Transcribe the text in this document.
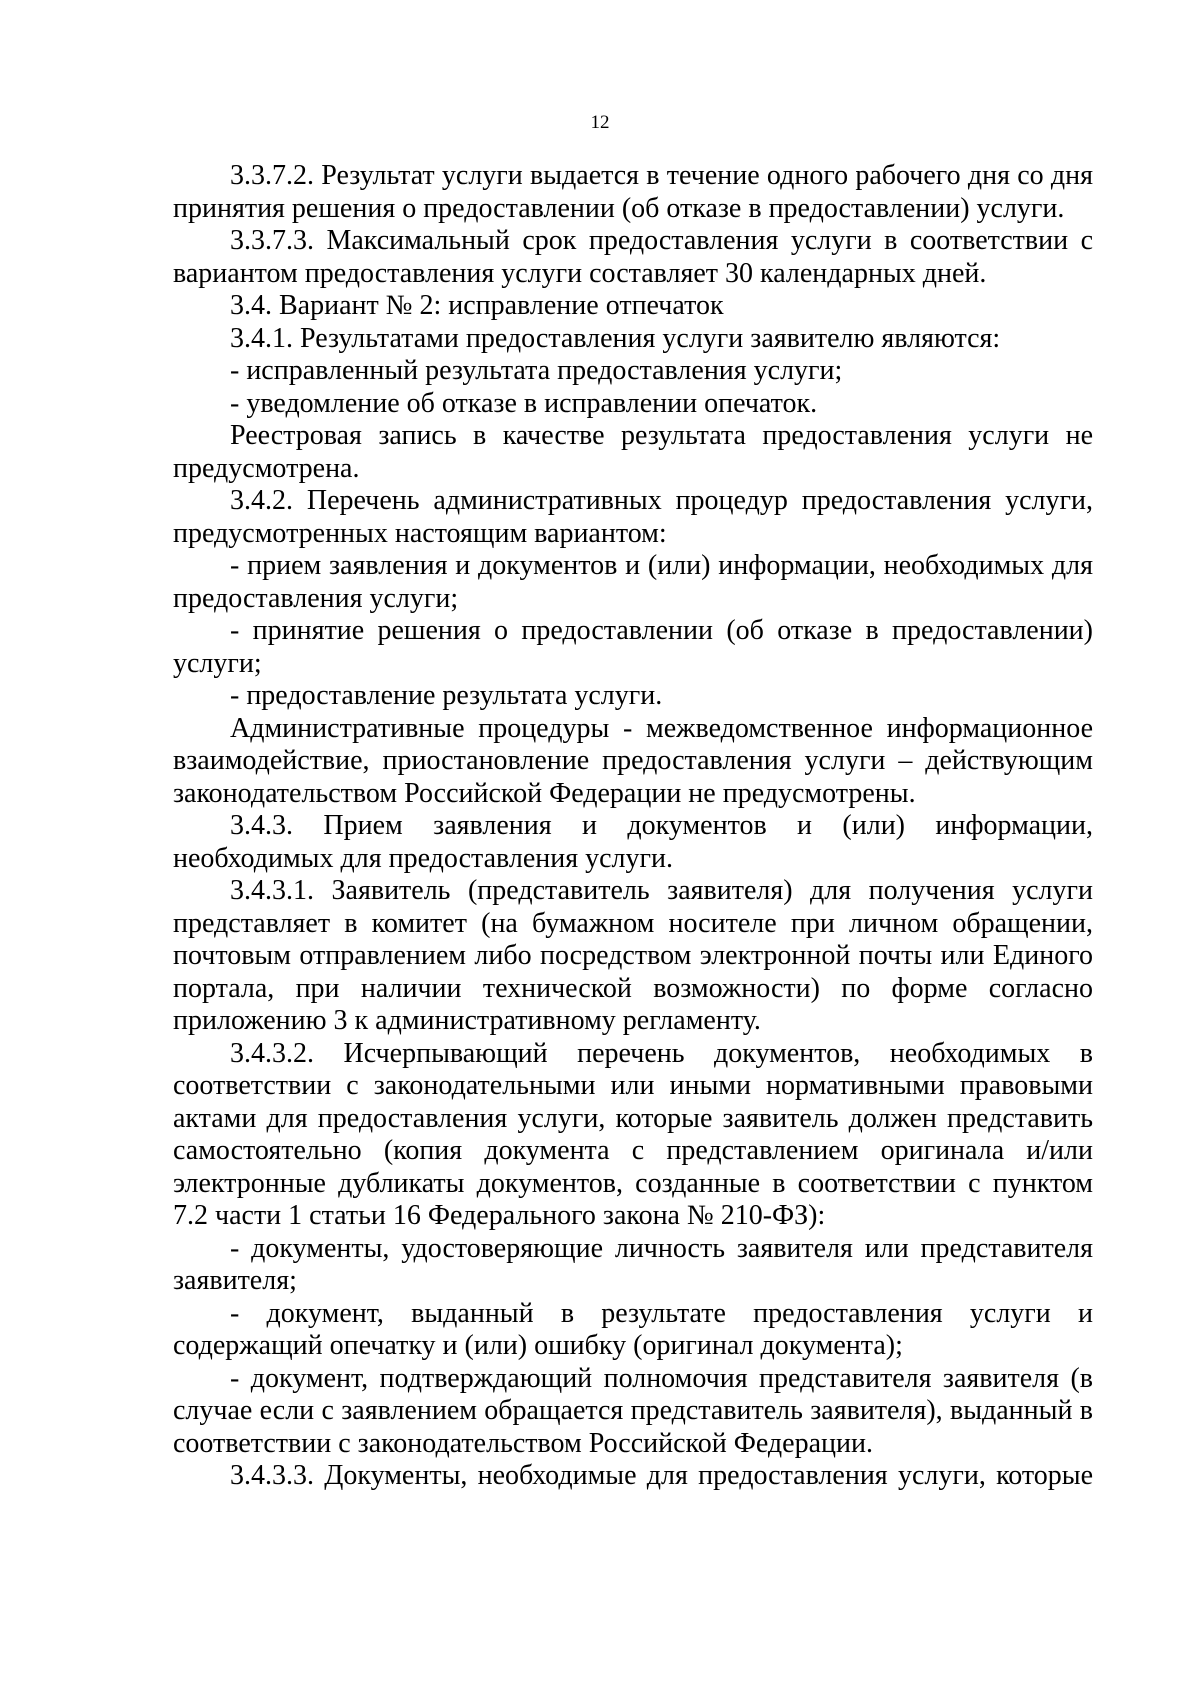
12

3.3.7.2. Результат услуги выдается в течение одного рабочего дня со дня принятия решения о предоставлении (об отказе в предоставлении) услуги.

3.3.7.3. Максимальный срок предоставления услуги в соответствии с вариантом предоставления услуги составляет 30 календарных дней.

3.4. Вариант № 2: исправление отпечаток

3.4.1. Результатами предоставления услуги заявителю являются:

- исправленный результата предоставления услуги;

- уведомление об отказе в исправлении опечаток.

Реестровая запись в качестве результата предоставления услуги не предусмотрена.

3.4.2. Перечень административных процедур предоставления услуги, предусмотренных настоящим вариантом:

- прием заявления и документов и (или) информации, необходимых для предоставления услуги;

- принятие решения о предоставлении (об отказе в предоставлении) услуги;

- предоставление результата услуги.

Административные процедуры - межведомственное информационное взаимодействие, приостановление предоставления услуги – действующим законодательством Российской Федерации не предусмотрены.

3.4.3. Прием заявления и документов и (или) информации, необходимых для предоставления услуги.

3.4.3.1. Заявитель (представитель заявителя) для получения услуги представляет в комитет (на бумажном носителе при личном обращении, почтовым отправлением либо посредством электронной почты или Единого портала, при наличии технической возможности) по форме согласно приложению 3 к административному регламенту.

3.4.3.2. Исчерпывающий перечень документов, необходимых в соответствии с законодательными или иными нормативными правовыми актами для предоставления услуги, которые заявитель должен представить самостоятельно (копия документа с представлением оригинала и/или электронные дубликаты документов, созданные в соответствии с пунктом 7.2 части 1 статьи 16 Федерального закона № 210-ФЗ):

- документы, удостоверяющие личность заявителя или представителя заявителя;

- документ, выданный в результате предоставления услуги и содержащий опечатку и (или) ошибку (оригинал документа);

- документ, подтверждающий полномочия представителя заявителя (в случае если с заявлением обращается представитель заявителя), выданный в соответствии с законодательством Российской Федерации.

3.4.3.3. Документы, необходимые для предоставления услуги, которые
